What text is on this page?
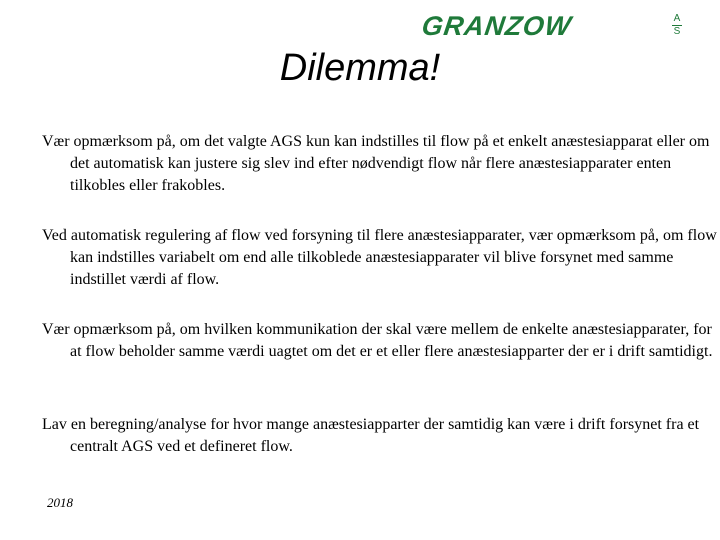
GRANZOW	A
S
Dilemma!
Vær opmærksom på, om det valgte AGS kun kan indstilles til flow på et enkelt anæstesiapparat eller om det automatisk kan justere sig slev ind efter nødvendigt flow når flere anæstesiapparater enten tilkobles eller frakobles.
Ved automatisk regulering af flow ved forsyning til flere anæstesiapparater, vær opmærksom på, om flow kan indstilles variabelt om end alle tilkoblede anæstesiapparater vil blive forsynet med samme indstillet værdi af flow.
Vær opmærksom på, om hvilken kommunikation der skal være mellem de enkelte anæstesiapparater, for at flow beholder samme værdi uagtet om det er et eller flere anæstesiapparter der er i drift samtidigt.
Lav en beregning/analyse for hvor mange anæstesiapparter der samtidig kan være i drift forsynet fra et centralt AGS ved et defineret flow.
2018
